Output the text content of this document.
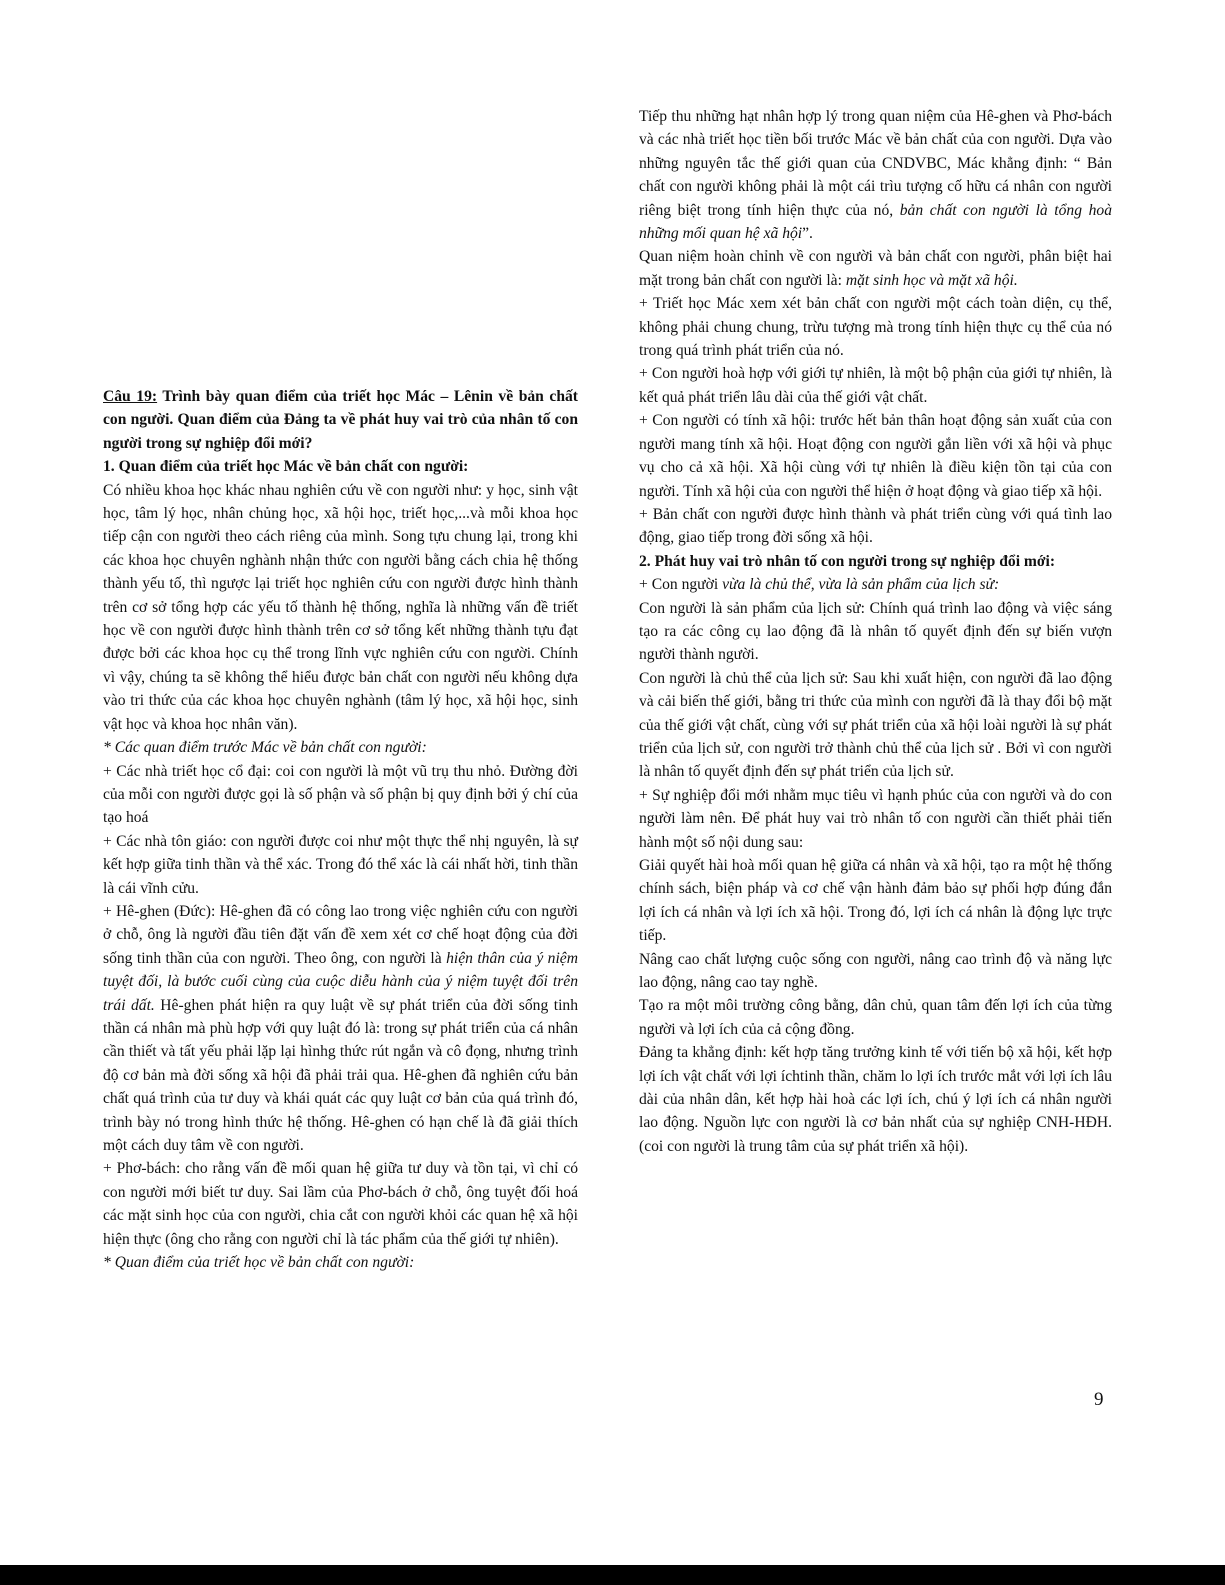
Câu 19: Trình bày quan điểm của triết học Mác – Lênin về bản chất con người. Quan điểm của Đảng ta về phát huy vai trò của nhân tố con người trong sự nghiệp đổi mới?

1. Quan điểm của triết học Mác về bản chất con người:

Có nhiều khoa học khác nhau nghiên cứu về con người như: y học, sinh vật học, tâm lý học, nhân chủng học, xã hội học, triết học,...và mỗi khoa học tiếp cận con người theo cách riêng của mình. Song tựu chung lại, trong khi các khoa học chuyên nghành nhận thức con người bằng cách chia hệ thống thành yếu tố, thì ngược lại triết học nghiên cứu con người được hình thành trên cơ sở tổng hợp các yếu tố thành hệ thống, nghĩa là những vấn đề triết học về con người được hình thành trên cơ sở tổng kết những thành tựu đạt được bởi các khoa học cụ thể trong lĩnh vực nghiên cứu con người. Chính vì vậy, chúng ta sẽ không thể hiểu được bản chất con người nếu không dựa vào tri thức của các khoa học chuyên nghành (tâm lý học, xã hội học, sinh vật học và khoa học nhân văn).

* Các quan điểm trước Mác về bản chất con người:

+ Các nhà triết học cổ đại: coi con người là một vũ trụ thu nhỏ. Đường đời của mỗi con người được gọi là số phận và số phận bị quy định bởi ý chí của tạo hoá

+ Các nhà tôn giáo: con người được coi như một thực thể nhị nguyên, là sự kết hợp giữa tinh thần và thể xác. Trong đó thể xác là cái nhất hời, tinh thần là cái vĩnh cửu.

+ Hê-ghen (Đức): Hê-ghen đã có công lao trong việc nghiên cứu con người ở chỗ, ông là người đầu tiên đặt vấn đề xem xét cơ chế hoạt động của đời sống tinh thần của con người. Theo ông, con người là hiện thân của ý niệm tuyệt đối, là bước cuối cùng của cuộc diễu hành của ý niệm tuyệt đối trên trái dất. Hê-ghen phát hiện ra quy luật về sự phát triển của đời sống tinh thần cá nhân mà phù hợp với quy luật đó là: trong sự phát triển của cá nhân cần thiết và tất yếu phải lặp lại hìnhg thức rút ngắn và cô đọng, nhưng trình độ cơ bản mà đời sống xã hội đã phải trải qua. Hê-ghen đã nghiên cứu bản chất quá trình của tư duy và khái quát các quy luật cơ bản của quá trình đó, trình bày nó trong hình thức hệ thống. Hê-ghen có hạn chế là đã giải thích một cách duy tâm về con người.

+ Phơ-bách: cho rằng vấn đề mối quan hệ giữa tư duy và tồn tại, vì chỉ có con người mới biết tư duy. Sai lầm của Phơ-bách ở chỗ, ông tuyệt đối hoá các mặt sinh học của con người, chia cắt con người khỏi các quan hệ xã hội hiện thực (ông cho rằng con người chỉ là tác phẩm của thế giới tự nhiên).

* Quan điểm của triết học về bản chất con người:

Tiếp thu những hạt nhân hợp lý trong quan niệm của Hê-ghen và Phơ-bách và các nhà triết học tiền bối trước Mác về bản chất của con người. Dựa vào những nguyên tắc thế giới quan của CNDVBC, Mác khẳng định: “ Bản chất con người không phải là một cái trìu tượng cố hữu cá nhân con người riêng biệt trong tính hiện thực của nó, bản chất con người là tổng hoà những mối quan hệ xã hội”.

Quan niệm hoàn chỉnh về con người và bản chất con người, phân biệt hai mặt trong bản chất con người là: mặt sinh học và mặt xã hội.

+ Triết học Mác xem xét bản chất con người một cách toàn diện, cụ thể, không phải chung chung, trừu tượng mà trong tính hiện thực cụ thể của nó trong quá trình phát triển của nó.

+ Con người hoà hợp với giới tự nhiên, là một bộ phận của giới tự nhiên, là kết quả phát triển lâu dài của thế giới vật chất.

+ Con người có tính xã hội: trước hết bản thân hoạt động sản xuất của con người mang tính xã hội. Hoạt động con người gắn liền với xã hội và phục vụ cho cả xã hội. Xã hội cùng với tự nhiên là điều kiện tồn tại của con người. Tính xã hội của con người thể hiện ở hoạt động và giao tiếp xã hội.

+ Bản chất con người được hình thành và phát triển cùng với quá tình lao động, giao tiếp trong đời sống xã hội.

2. Phát huy vai trò nhân tố con người trong sự nghiệp đổi mới:

+ Con người vừa là chủ thể, vừa là sản phẩm của lịch sử:

Con người là sản phẩm của lịch sử: Chính quá trình lao động và việc sáng tạo ra các công cụ lao động đã là nhân tố quyết định đến sự biến vượn người thành người.

Con người là chủ thể của lịch sử: Sau khi xuất hiện, con người đã lao động và cải biến thế giới, bằng tri thức của mình con người đã là thay đổi bộ mặt của thế giới vật chất, cùng với sự phát triển của xã hội loài người là sự phát triển của lịch sử, con người trở thành chủ thể của lịch sử . Bởi vì con người là nhân tố quyết định đến sự phát triển của lịch sử.

+ Sự nghiệp đổi mới nhằm mục tiêu vì hạnh phúc của con người và do con người làm nên. Để phát huy vai trò nhân tố con người cần thiết phải tiến hành một số nội dung sau:

Giải quyết hài hoà mối quan hệ giữa cá nhân và xã hội, tạo ra một hệ thống chính sách, biện pháp và cơ chế vận hành đảm bảo sự phối hợp đúng đắn lợi ích cá nhân và lợi ích xã hội. Trong đó, lợi ích cá nhân là động lực trực tiếp.

Nâng cao chất lượng cuộc sống con người, nâng cao trình độ và năng lực lao động, nâng cao tay nghề.

Tạo ra một môi trường công bằng, dân chủ, quan tâm đến lợi ích của từng người và lợi ích của cả cộng đồng.

Đảng ta khẳng định: kết hợp tăng trưởng kinh tế với tiến bộ xã hội, kết hợp lợi ích vật chất với lợi íchtinh thần, chăm lo lợi ích trước mắt với lợi ích lâu dài của nhân dân, kết hợp hài hoà các lợi ích, chú ý lợi ích cá nhân người lao động. Nguồn lực con người là cơ bản nhất của sự nghiệp CNH-HĐH.(coi con người là trung tâm của sự phát triển xã hội).

9
